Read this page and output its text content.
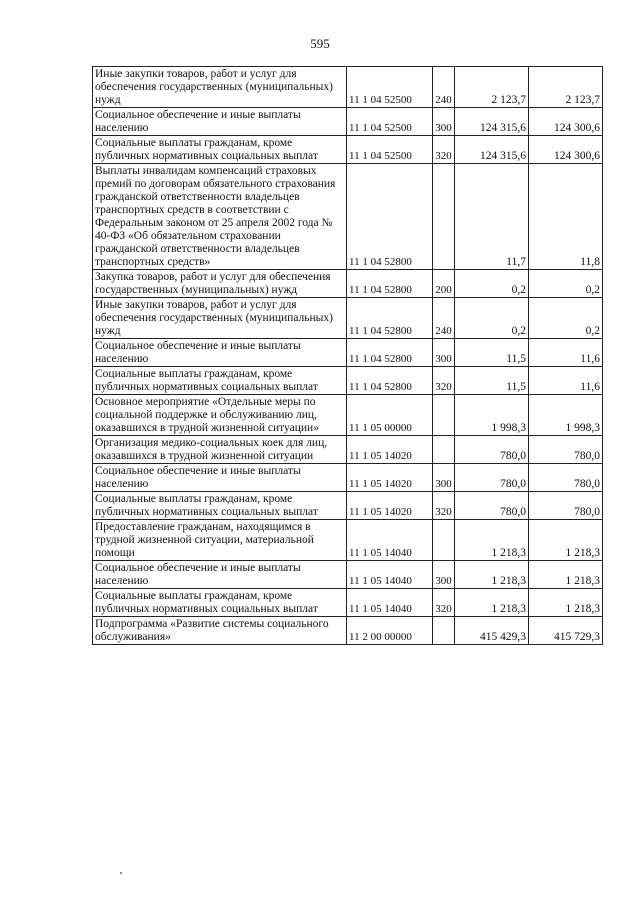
595
Иные закупки товаров, работ и услуг для обеспечения государственных (муниципальных) нужд	11 1 04 52500	240	2 123,7	2 123,7
Социальное обеспечение и иные выплаты населению	11 1 04 52500	300	124 315,6	124 300,6
Социальные выплаты гражданам, кроме публичных нормативных социальных выплат	11 1 04 52500	320	124 315,6	124 300,6
Выплаты инвалидам компенсаций страховых премий по договорам обязательного страхования гражданской ответственности владельцев транспортных средств в соответствии с Федеральным законом от 25 апреля 2002 года № 40-ФЗ «Об обязательном страховании гражданской ответственности владельцев транспортных средств»	11 1 04 52800		11,7	11,8
Закупка товаров, работ и услуг для обеспечения государственных (муниципальных) нужд	11 1 04 52800	200	0,2	0,2
Иные закупки товаров, работ и услуг для обеспечения государственных (муниципальных) нужд	11 1 04 52800	240	0,2	0,2
Социальное обеспечение и иные выплаты населению	11 1 04 52800	300	11,5	11,6
Социальные выплаты гражданам, кроме публичных нормативных социальных выплат	11 1 04 52800	320	11,5	11,6
Основное мероприятие «Отдельные меры по социальной поддержке и обслуживанию лиц, оказавшихся в трудной жизненной ситуации»	11 1 05 00000		1 998,3	1 998,3
Организация медико-социальных коек для лиц, оказавшихся в трудной жизненной ситуации	11 1 05 14020		780,0	780,0
Социальное обеспечение и иные выплаты населению	11 1 05 14020	300	780,0	780,0
Социальные выплаты гражданам, кроме публичных нормативных социальных выплат	11 1 05 14020	320	780,0	780,0
Предоставление гражданам, находящимся в трудной жизненной ситуации, материальной помощи	11 1 05 14040		1 218,3	1 218,3
Социальное обеспечение и иные выплаты населению	11 1 05 14040	300	1 218,3	1 218,3
Социальные выплаты гражданам, кроме публичных нормативных социальных выплат	11 1 05 14040	320	1 218,3	1 218,3
Подпрограмма «Развитие системы социального обслуживания»	11 2 00 00000		415 429,3	415 729,3
